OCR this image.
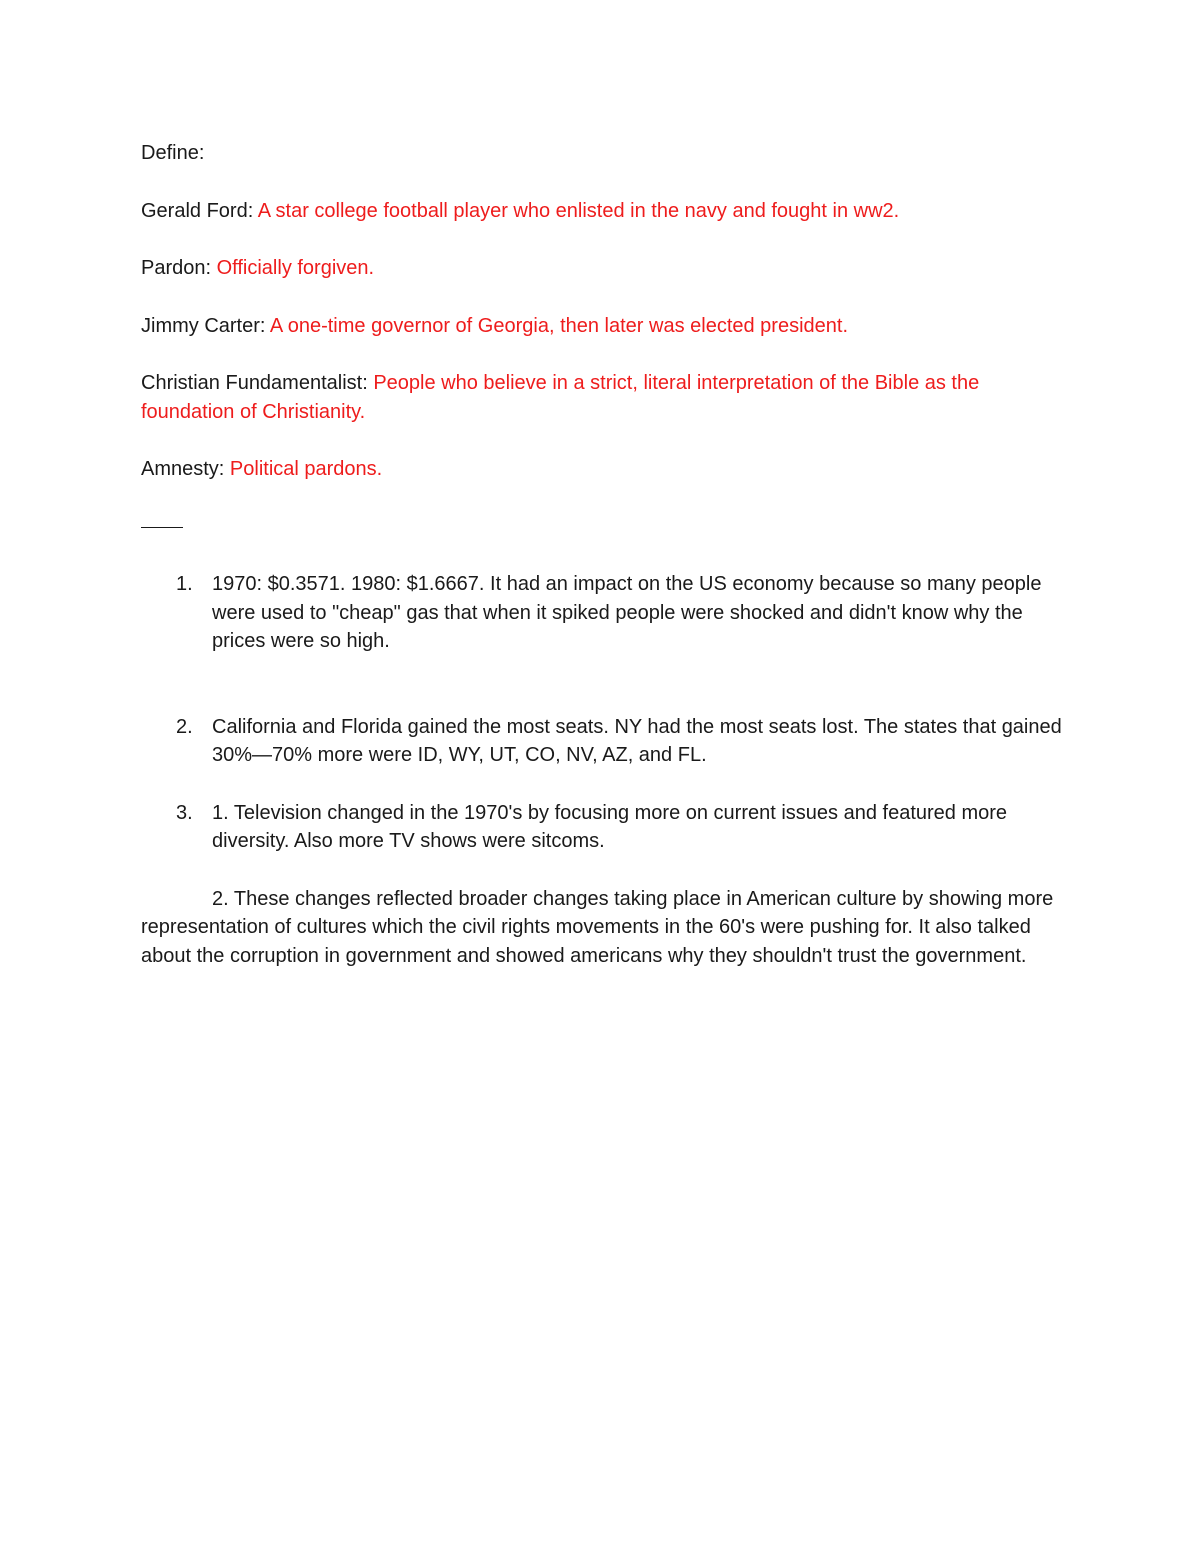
Define:

Gerald Ford: A star college football player who enlisted in the navy and fought in ww2.

Pardon: Officially forgiven.

Jimmy Carter: A one-time governor of Georgia, then later was elected president.

Christian Fundamentalist: People who believe in a strict, literal interpretation of the Bible as the foundation of Christianity.

Amnesty: Political pardons.

1. 1970: $0.3571. 1980: $1.6667. It had an impact on the US economy because so many people were used to "cheap" gas that when it spiked people were shocked and didn't know why the prices were so high.
2. California and Florida gained the most seats. NY had the most seats lost. The states that gained 30%—70% more were ID, WY, UT, CO, NV, AZ, and FL.
3. 1. Television changed in the 1970's by focusing more on current issues and featured more diversity. Also more TV shows were sitcoms.

2. These changes reflected broader changes taking place in American culture by showing more representation of cultures which the civil rights movements in the 60's were pushing for. It also talked about the corruption in government and showed americans why they shouldn't trust the government.
